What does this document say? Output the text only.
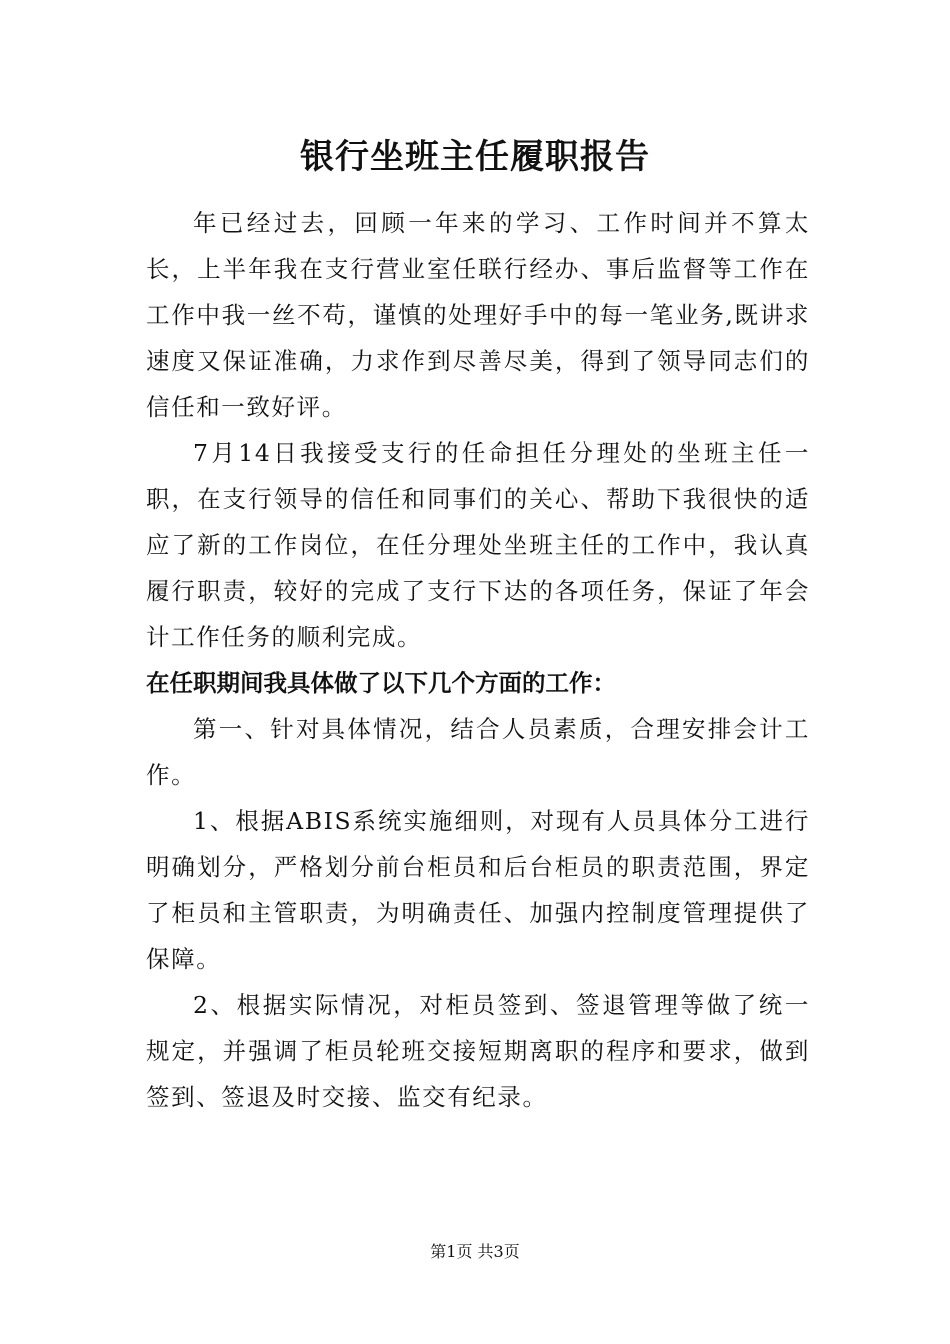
银行坐班主任履职报告

年已经过去，回顾一年来的学习、工作时间并不算太长，上半年我在支行营业室任联行经办、事后监督等工作在工作中我一丝不苟，谨慎的处理好手中的每一笔业务,既讲求速度又保证准确，力求作到尽善尽美，得到了领导同志们的信任和一致好评。

7月14日我接受支行的任命担任分理处的坐班主任一职，在支行领导的信任和同事们的关心、帮助下我很快的适应了新的工作岗位，在任分理处坐班主任的工作中，我认真履行职责，较好的完成了支行下达的各项任务，保证了年会计工作任务的顺利完成。

在任职期间我具体做了以下几个方面的工作：

第一、针对具体情况，结合人员素质，合理安排会计工作。

1、根据ABIS系统实施细则，对现有人员具体分工进行明确划分，严格划分前台柜员和后台柜员的职责范围，界定了柜员和主管职责，为明确责任、加强内控制度管理提供了保障。

2、根据实际情况，对柜员签到、签退管理等做了统一规定，并强调了柜员轮班交接短期离职的程序和要求，做到签到、签退及时交接、监交有纪录。

第1页 共3页
